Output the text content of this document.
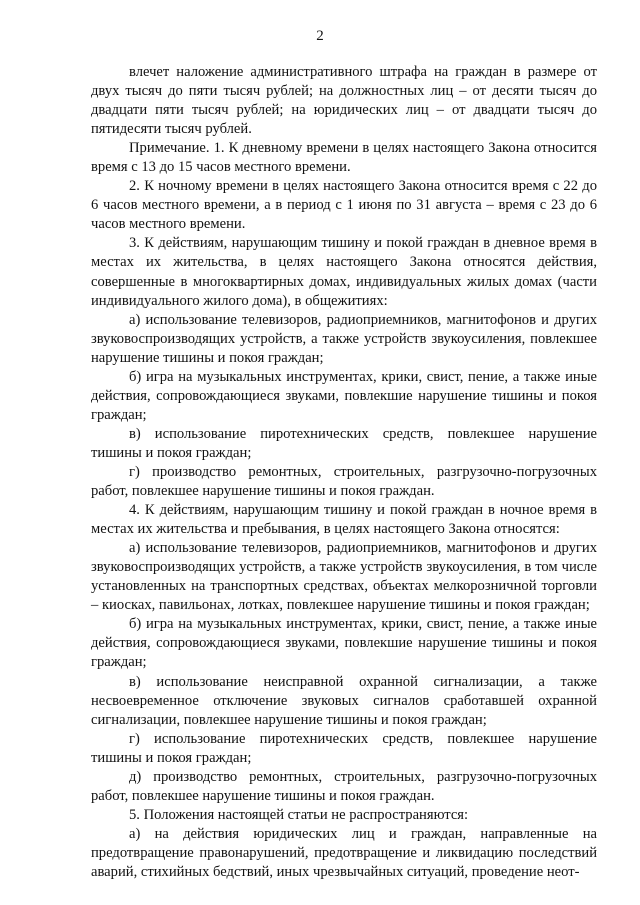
2

влечет наложение административного штрафа на граждан в размере от двух тысяч до пяти тысяч рублей; на должностных лиц – от десяти тысяч до двадцати пяти тысяч рублей; на юридических лиц – от двадцати тысяч до пятидесяти тысяч рублей.

Примечание. 1. К дневному времени в целях настоящего Закона относится время с 13 до 15 часов местного времени.

2. К ночному времени в целях настоящего Закона относится время с 22 до 6 часов местного времени, а в период с 1 июня по 31 августа – время с 23 до 6 часов местного времени.

3. К действиям, нарушающим тишину и покой граждан в дневное время в местах их жительства, в целях настоящего Закона относятся действия, совершенные в многоквартирных домах, индивидуальных жилых домах (части индивидуального жилого дома), в общежитиях:

а) использование телевизоров, радиоприемников, магнитофонов и других звуковоспроизводящих устройств, а также устройств звукоусиления, повлекшее нарушение тишины и покоя граждан;

б) игра на музыкальных инструментах, крики, свист, пение, а также иные действия, сопровождающиеся звуками, повлекшие нарушение тишины и покоя граждан;

в) использование пиротехнических средств, повлекшее нарушение тишины и покоя граждан;

г) производство ремонтных, строительных, разгрузочно-погрузочных работ, повлекшее нарушение тишины и покоя граждан.

4. К действиям, нарушающим тишину и покой граждан в ночное время в местах их жительства и пребывания, в целях настоящего Закона относятся:

а) использование телевизоров, радиоприемников, магнитофонов и других звуковоспроизводящих устройств, а также устройств звукоусиления, в том числе установленных на транспортных средствах, объектах мелкорозничной торговли – киосках, павильонах, лотках, повлекшее нарушение тишины и покоя граждан;

б) игра на музыкальных инструментах, крики, свист, пение, а также иные действия, сопровождающиеся звуками, повлекшие нарушение тишины и покоя граждан;

в) использование неисправной охранной сигнализации, а также несвоевременное отключение звуковых сигналов сработавшей охранной сигнализации, повлекшее нарушение тишины и покоя граждан;

г) использование пиротехнических средств, повлекшее нарушение тишины и покоя граждан;

д) производство ремонтных, строительных, разгрузочно-погрузочных работ, повлекшее нарушение тишины и покоя граждан.

5. Положения настоящей статьи не распространяются:

а) на действия юридических лиц и граждан, направленные на предотвращение правонарушений, предотвращение и ликвидацию последствий аварий, стихийных бедствий, иных чрезвычайных ситуаций, проведение неот-
